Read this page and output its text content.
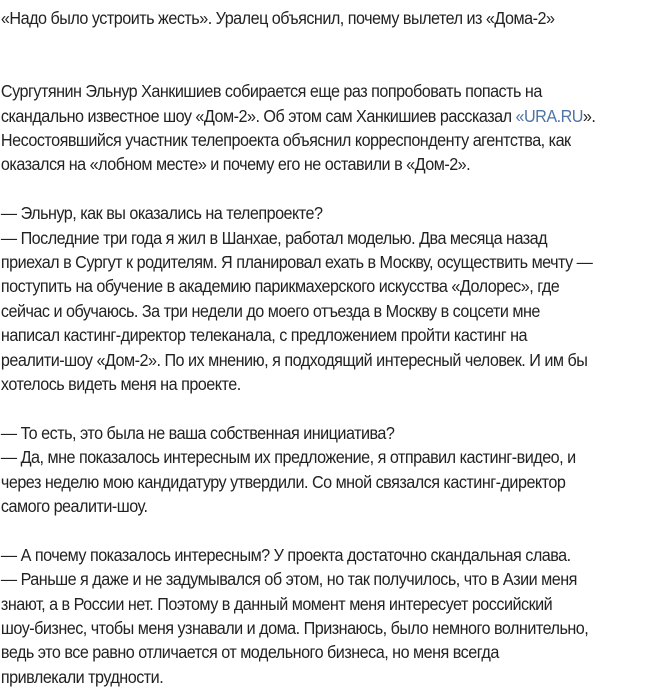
«Надо было устроить жесть». Уралец объяснил, почему вылетел из «Дома-2»

Сургутянин Эльнур Ханкишиев собирается еще раз попробовать попасть на
скандально известное шоу «Дом-2». Об этом сам Ханкишиев рассказал «URA.RU».
Несостоявшийся участник телепроекта объяснил корреспонденту агентства, как
оказался на «лобном месте» и почему его не оставили в «Дом-2».

— Эльнур, как вы оказались на телепроекте?
— Последние три года я жил в Шанхае, работал моделью. Два месяца назад
приехал в Сургут к родителям. Я планировал ехать в Москву, осуществить мечту —
поступить на обучение в академию парикмахерского искусства «Долорес», где
сейчас и обучаюсь. За три недели до моего отъезда в Москву в соцсети мне
написал кастинг-директор телеканала, с предложением пройти кастинг на
реалити-шоу «Дом-2». По их мнению, я подходящий интересный человек. И им бы
хотелось видеть меня на проекте.

— То есть, это была не ваша собственная инициатива?
— Да, мне показалось интересным их предложение, я отправил кастинг-видео, и
через неделю мою кандидатуру утвердили. Со мной связался кастинг-директор
самого реалити-шоу.

— А почему показалось интересным? У проекта достаточно скандальная слава.
— Раньше я даже и не задумывался об этом, но так получилось, что в Азии меня
знают, а в России нет. Поэтому в данный момент меня интересует российский
шоу-бизнес, чтобы меня узнавали и дома. Признаюсь, было немного волнительно,
ведь это все равно отличается от модельного бизнеса, но меня всегда
привлекали трудности.
